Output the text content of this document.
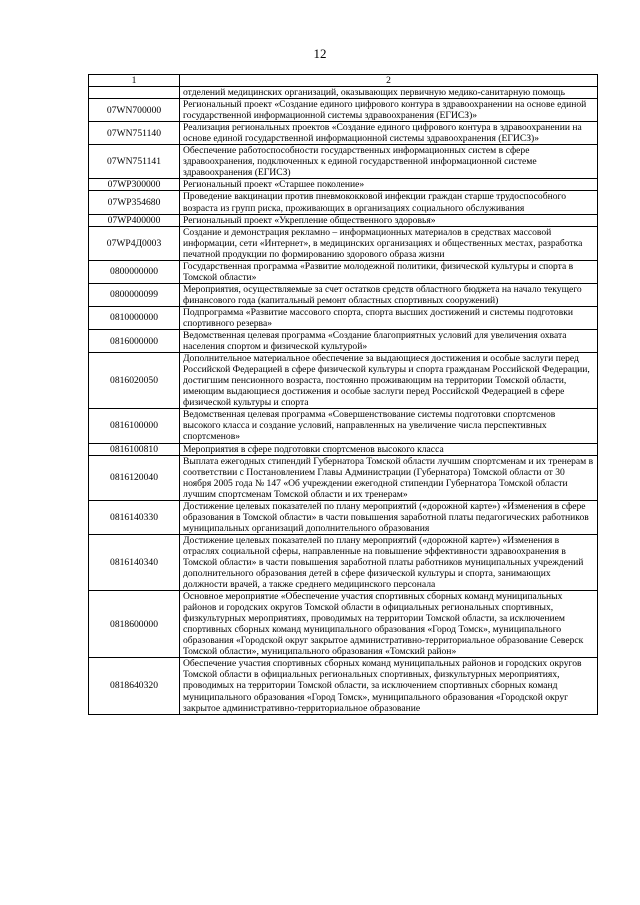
12
1	2
	отделений медицинских организаций, оказывающих первичную медико-санитарную помощь
07WN700000	Региональный проект «Создание единого цифрового контура в здравоохранении на основе единой государственной информационной системы здравоохранения (ЕГИСЗ)»
07WN751140	Реализация региональных проектов «Создание единого цифрового контура в здравоохранении на основе единой государственной информационной системы здравоохранения (ЕГИСЗ)»
07WN751141	Обеспечение работоспособности государственных информационных систем в сфере здравоохранения, подключенных к единой государственной информационной системе здравоохранения (ЕГИСЗ)
07WP300000	Региональный проект «Старшее поколение»
07WP354680	Проведение вакцинации против пневмококковой инфекции граждан старше трудоспособного возраста из групп риска, проживающих в организациях социального обслуживания
07WP400000	Региональный проект «Укрепление общественного здоровья»
07WP4Д0003	Создание и демонстрация рекламно – информационных материалов в средствах массовой информации, сети «Интернет», в медицинских организациях и общественных местах, разработка печатной продукции по формированию здорового образа жизни
0800000000	Государственная программа «Развитие молодежной политики, физической культуры и спорта в Томской области»
0800000099	Мероприятия, осуществляемые за счет остатков средств областного бюджета на начало текущего финансового года (капитальный ремонт областных спортивных сооружений)
0810000000	Подпрограмма «Развитие массового спорта, спорта высших достижений и системы подготовки спортивного резерва»
0816000000	Ведомственная целевая программа «Создание благоприятных условий для увеличения охвата населения спортом и физической культурой»
0816020050	Дополнительное материальное обеспечение за выдающиеся достижения и особые заслуги перед Российской Федерацией в сфере физической культуры и спорта гражданам Российской Федерации, достигшим пенсионного возраста, постоянно проживающим на территории Томской области, имеющим выдающиеся достижения и особые заслуги перед Российской Федерацией в сфере физической культуры и спорта
0816100000	Ведомственная целевая программа «Совершенствование системы подготовки спортсменов высокого класса и создание условий, направленных на увеличение числа перспективных спортсменов»
0816100810	Мероприятия в сфере подготовки спортсменов высокого класса
0816120040	Выплата ежегодных стипендий Губернатора Томской области лучшим спортсменам и их тренерам в соответствии с Постановлением Главы Администрации (Губернатора) Томской области от 30 ноября 2005 года № 147 «Об учреждении ежегодной стипендии Губернатора Томской области лучшим спортсменам Томской области и их тренерам»
0816140330	Достижение целевых показателей по плану мероприятий («дорожной карте») «Изменения в сфере образования в Томской области» в части повышения заработной платы педагогических работников муниципальных организаций дополнительного образования
0816140340	Достижение целевых показателей по плану мероприятий («дорожной карте») «Изменения в отраслях социальной сферы, направленные на повышение эффективности здравоохранения в Томской области» в части повышения заработной платы работников муниципальных учреждений дополнительного образования детей в сфере физической культуры и спорта, занимающих должности врачей, а также среднего медицинского персонала
0818600000	Основное мероприятие «Обеспечение участия спортивных сборных команд муниципальных районов и городских округов Томской области в официальных региональных спортивных, физкультурных мероприятиях, проводимых на территории Томской области, за исключением спортивных сборных команд муниципального образования «Город Томск», муниципального образования «Городской округ закрытое административно-территориальное образование Северск Томской области», муниципального образования «Томский район»
0818640320	Обеспечение участия спортивных сборных команд муниципальных районов и городских округов Томской области в официальных региональных спортивных, физкультурных мероприятиях, проводимых на территории Томской области, за исключением спортивных сборных команд муниципального образования «Город Томск», муниципального образования «Городской округ закрытое административно-территориальное образование
